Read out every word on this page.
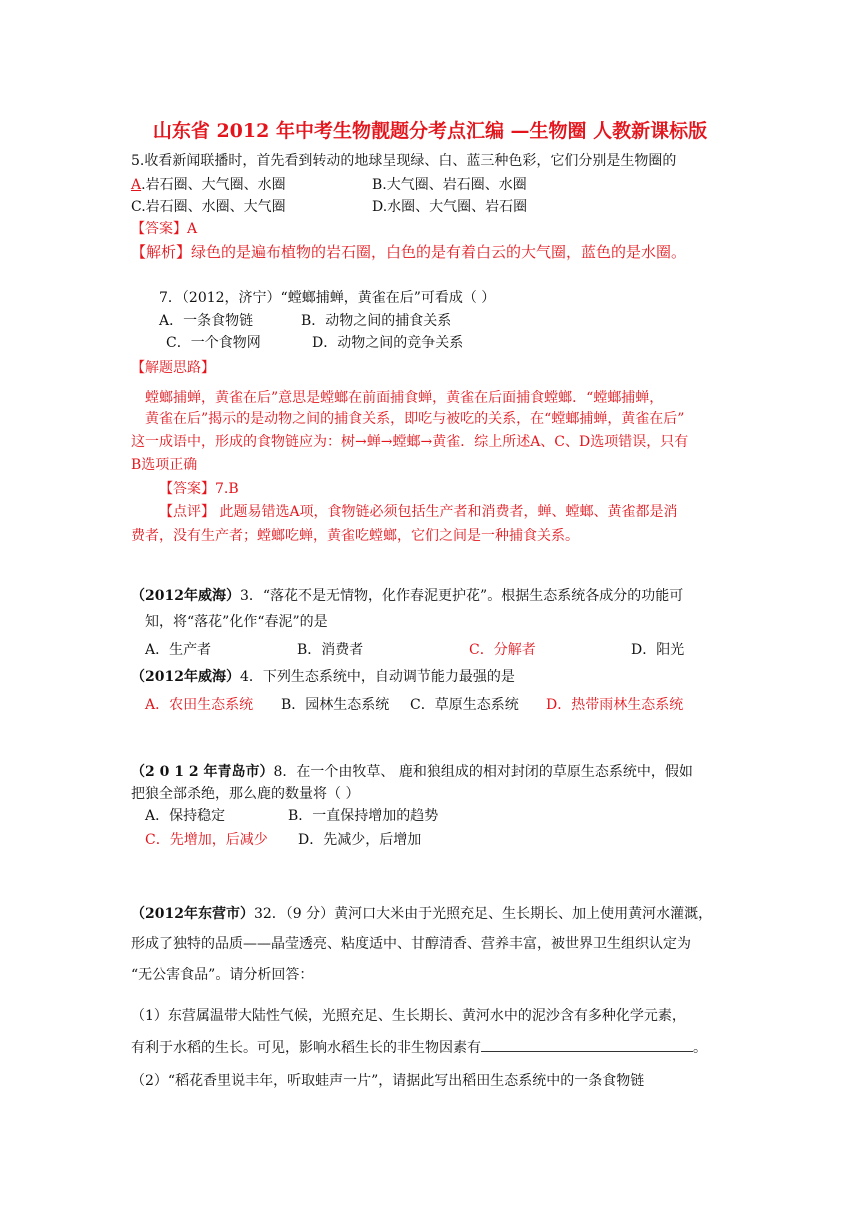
山东省 2012 年中考生物靓题分考点汇编 —生物圈 人教新课标版
5.收看新闻联播时，首先看到转动的地球呈现绿、白、蓝三种色彩，它们分别是生物圈的
A.岩石圈、大气圈、水圈	B.大气圈、岩石圈、水圈
C.岩石圈、水圈、大气圈	D.水圈、大气圈、岩石圈
【答案】A
【解析】绿色的是遍布植物的岩石圈，白色的是有着白云的大气圈，蓝色的是水圈。
7．（2012，济宁）“螳螂捕蝉，黄雀在后”可看成（ ）
A．一条食物链	B．动物之间的捕食关系
C．一个食物网	D．动物之间的竞争关系
【解题思路】
螳螂捕蝉，黄雀在后”意思是螳螂在前面捕食蝉，黄雀在后面捕食螳螂．“螳螂捕蝉，
黄雀在后”揭示的是动物之间的捕食关系，即吃与被吃的关系，在“螳螂捕蝉，黄雀在后”
这一成语中，形成的食物链应为：树→蝉→螳螂→黄雀．综上所述A、C、D选项错误，只有
B选项正确
【答案】7.B
【点评】 此题易错选A项，食物链必须包括生产者和消费者，蝉、螳螂、黄雀都是消
费者，没有生产者；螳螂吃蝉，黄雀吃螳螂，它们之间是一种捕食关系。
（2012年威海）3．“落花不是无情物，化作春泥更护花”。根据生态系统各成分的功能可
知，将“落花”化作“春泥”的是
A．生产者	B．消费者	C．分解者	D．阳光
（2012年威海）4．下列生态系统中，自动调节能力最强的是
A．农田生态系统 B．园林生态系统 C．草原生态系统 D．热带雨林生态系统
（2 0 1 2 年青岛市）8．在一个由牧草、 鹿和狼组成的相对封闭的草原生态系统中，假如
把狼全部杀绝，那么鹿的数量将（ ）
A．保持稳定	B．一直保持增加的趋势
C．先增加，后减少 D．先减少，后增加
（2012年东营市）32．（9 分）黄河口大米由于光照充足、生长期长、加上使用黄河水灌溉，
形成了独特的品质——晶莹透亮、粘度适中、甘醇清香、营养丰富，被世界卫生组织认定为
“无公害食品”。请分析回答：
（1）东营属温带大陆性气候，光照充足、生长期长、黄河水中的泥沙含有多种化学元素，
有利于水稻的生长。可见，影响水稻生长的非生物因素有	。
（2）“稻花香里说丰年，听取蛙声一片”，请据此写出稻田生态系统中的一条食物链
